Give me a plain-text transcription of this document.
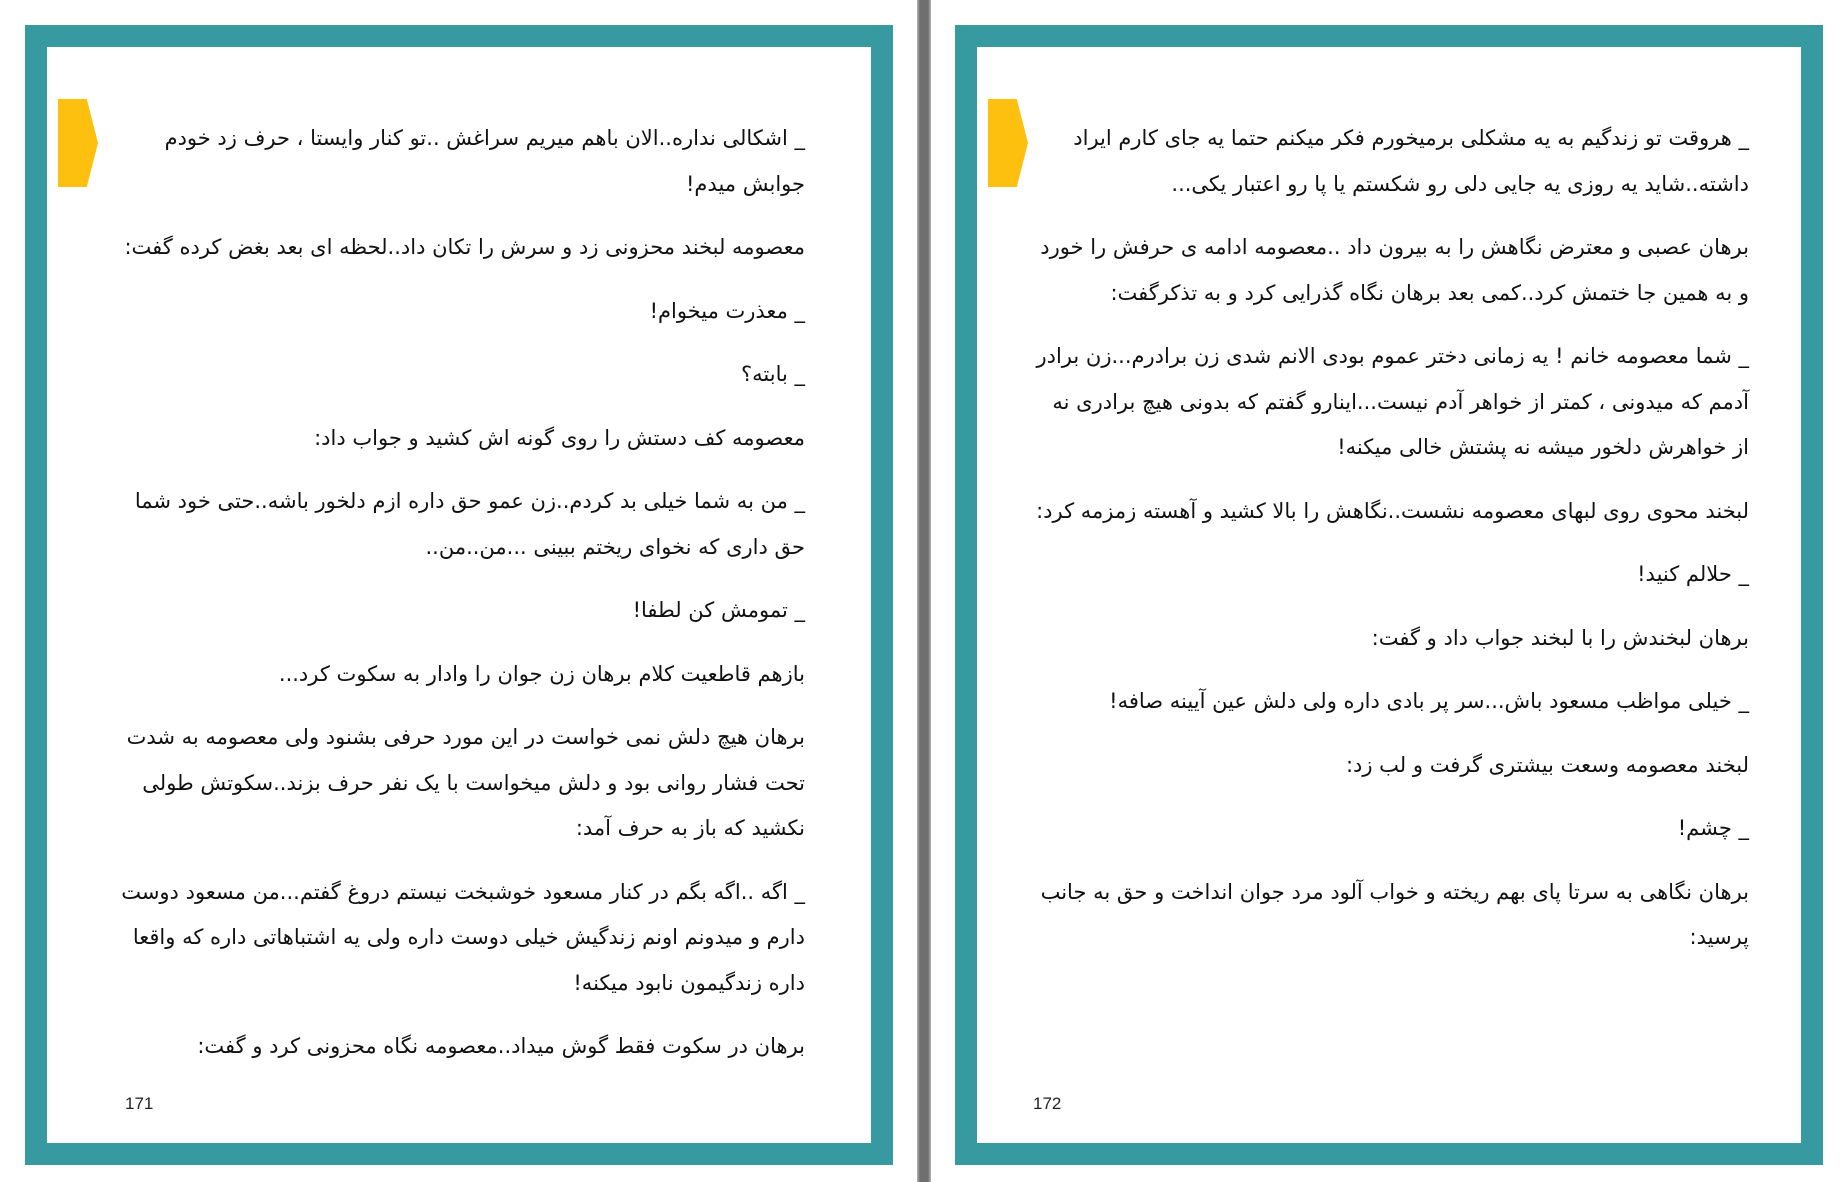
_ اشکالی نداره..الان باهم میریم سراغش ..تو کنار وایستا ، حرف زد خودم جوابش میدم!

معصومه لبخند محزونی زد و سرش را تکان داد..لحظه ای بعد بغض کرده گفت:

_ معذرت میخوام!

_ بابته؟

معصومه کف دستش را روی گونه اش کشید و جواب داد:

_ من به شما خیلی بد کردم..زن عمو حق داره ازم دلخور باشه..حتی خود شما حق داری که نخوای ریختم ببینی ...من..من..

_ تمومش کن لطفا!

بازهم قاطعیت کلام برهان زن جوان را وادار به سکوت کرد...

برهان هیچ دلش نمی خواست در این مورد حرفی بشنود ولی معصومه به شدت تحت فشار روانی بود و دلش میخواست با یک نفر حرف بزند..سکوتش طولی نکشید که باز به حرف آمد:

_ اگه ..اگه بگم در کنار مسعود خوشبخت نیستم دروغ گفتم...من مسعود دوست دارم و میدونم اونم زندگیش خیلی دوست داره ولی یه اشتباهاتی داره که واقعا داره زندگیمون نابود میکنه!

برهان در سکوت فقط گوش میداد..معصومه نگاه محزونی کرد و گفت:

171

_ هروقت تو زندگیم به یه مشکلی برمیخورم فکر میکنم حتما یه جای کارم ایراد داشته..شاید یه روزی یه جایی دلی رو شکستم یا پا رو اعتبار یکی...

برهان عصبی و معترض نگاهش را به بیرون داد ..معصومه ادامه ی حرفش را خورد و به همین جا ختمش کرد..کمی بعد برهان نگاه گذرایی کرد و به تذکرگفت:

_ شما معصومه خانم ! یه زمانی دختر عموم بودی الانم شدی زن برادرم...زن برادر آدمم که میدونی ، کمتر از خواهر آدم نیست...اینارو گفتم که بدونی هیچ برادری نه از خواهرش دلخور میشه نه پشتش خالی میکنه!

لبخند محوی روی لبهای معصومه نشست..نگاهش را بالا کشید و آهسته زمزمه کرد:

_ حلالم کنید!

برهان لبخندش را با لبخند جواب داد و گفت:

_ خیلی مواظب مسعود باش...سر پر بادی داره ولی دلش عین آیینه صافه!

لبخند معصومه وسعت بیشتری گرفت و لب زد:

_ چشم!

برهان نگاهی به سرتا پای بهم ریخته و خواب آلود مرد جوان انداخت و حق به جانب پرسید:

172
